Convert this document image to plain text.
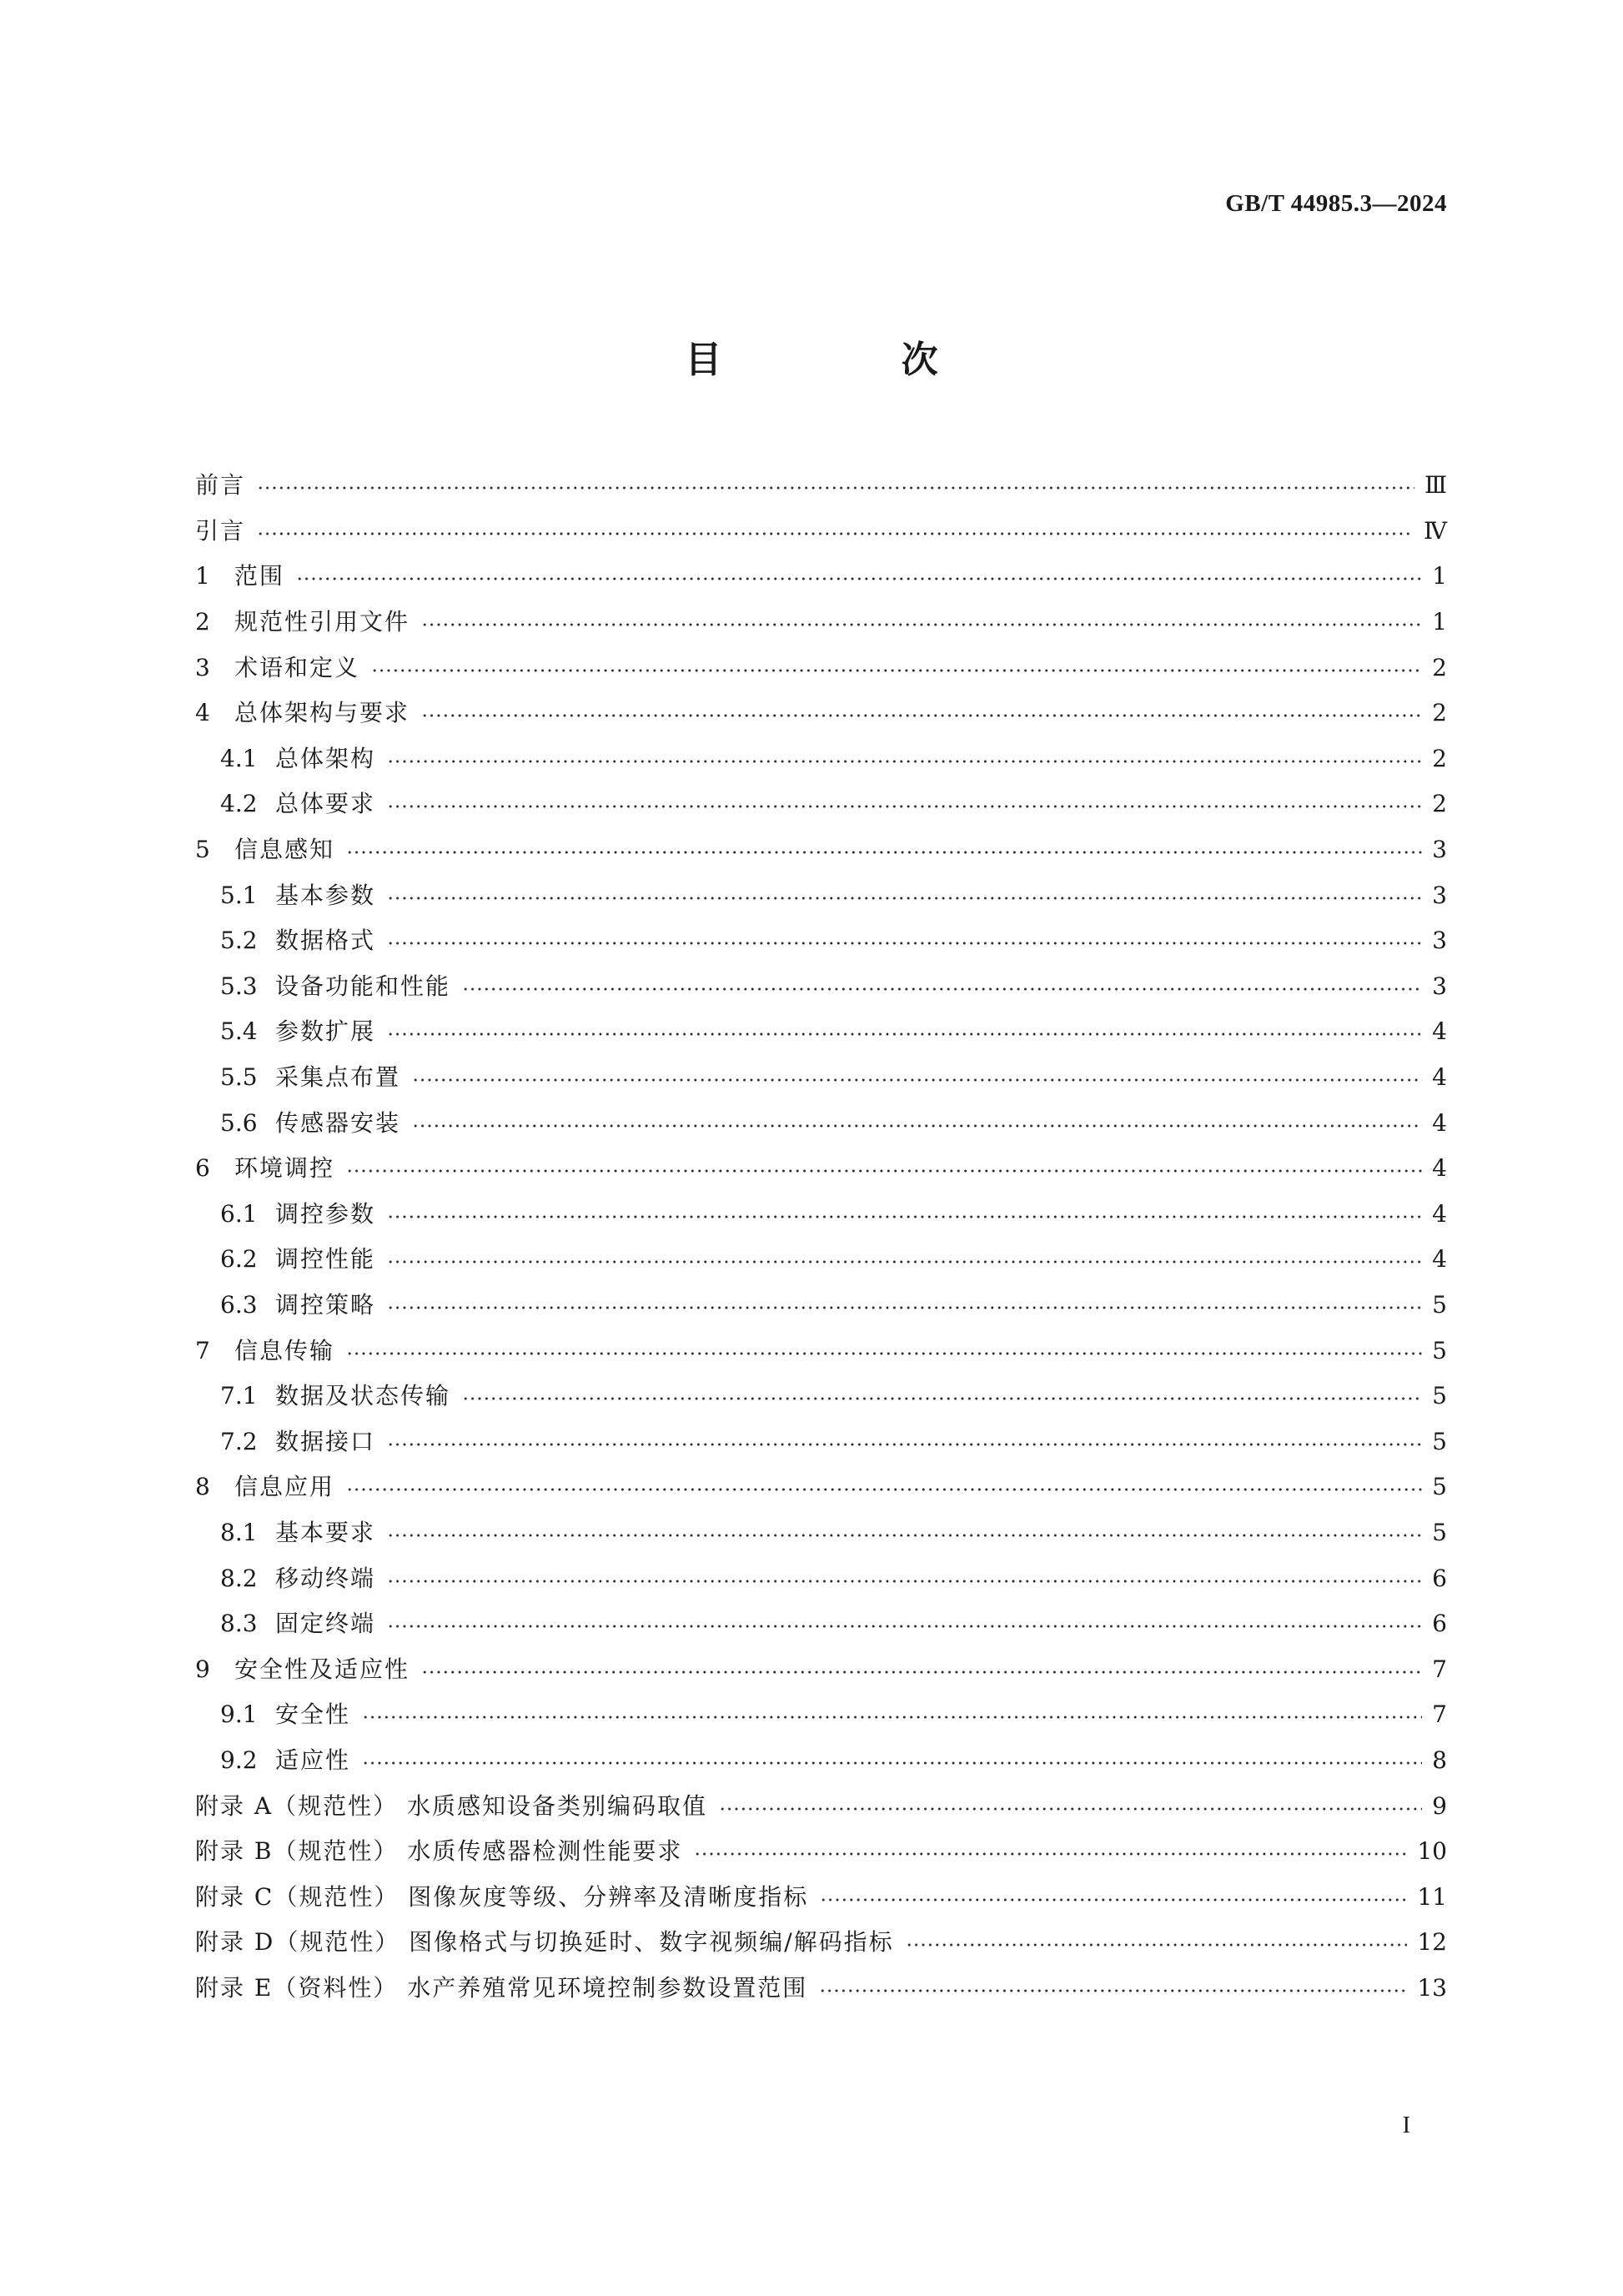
GB/T 44985.3—2024
目 次
前言	Ⅲ
引言	Ⅳ
1	范围	1
2	规范性引用文件	1
3	术语和定义	2
4	总体架构与要求	2
4.1 总体架构	2
4.2 总体要求	2
5	信息感知	3
5.1 基本参数	3
5.2 数据格式	3
5.3 设备功能和性能	3
5.4 参数扩展	4
5.5 采集点布置	4
5.6 传感器安装	4
6	环境调控	4
6.1 调控参数	4
6.2 调控性能	4
6.3 调控策略	5
7	信息传输	5
7.1 数据及状态传输	5
7.2 数据接口	5
8	信息应用	5
8.1 基本要求	5
8.2 移动终端	6
8.3 固定终端	6
9	安全性及适应性	7
9.1 安全性	7
9.2 适应性	8
附录 A（规范性） 水质感知设备类别编码取值	9
附录 B（规范性） 水质传感器检测性能要求	10
附录 C（规范性） 图像灰度等级、分辨率及清晰度指标	11
附录 D（规范性） 图像格式与切换延时、数字视频编/解码指标	12
附录 E（资料性） 水产养殖常见环境控制参数设置范围	13
I
